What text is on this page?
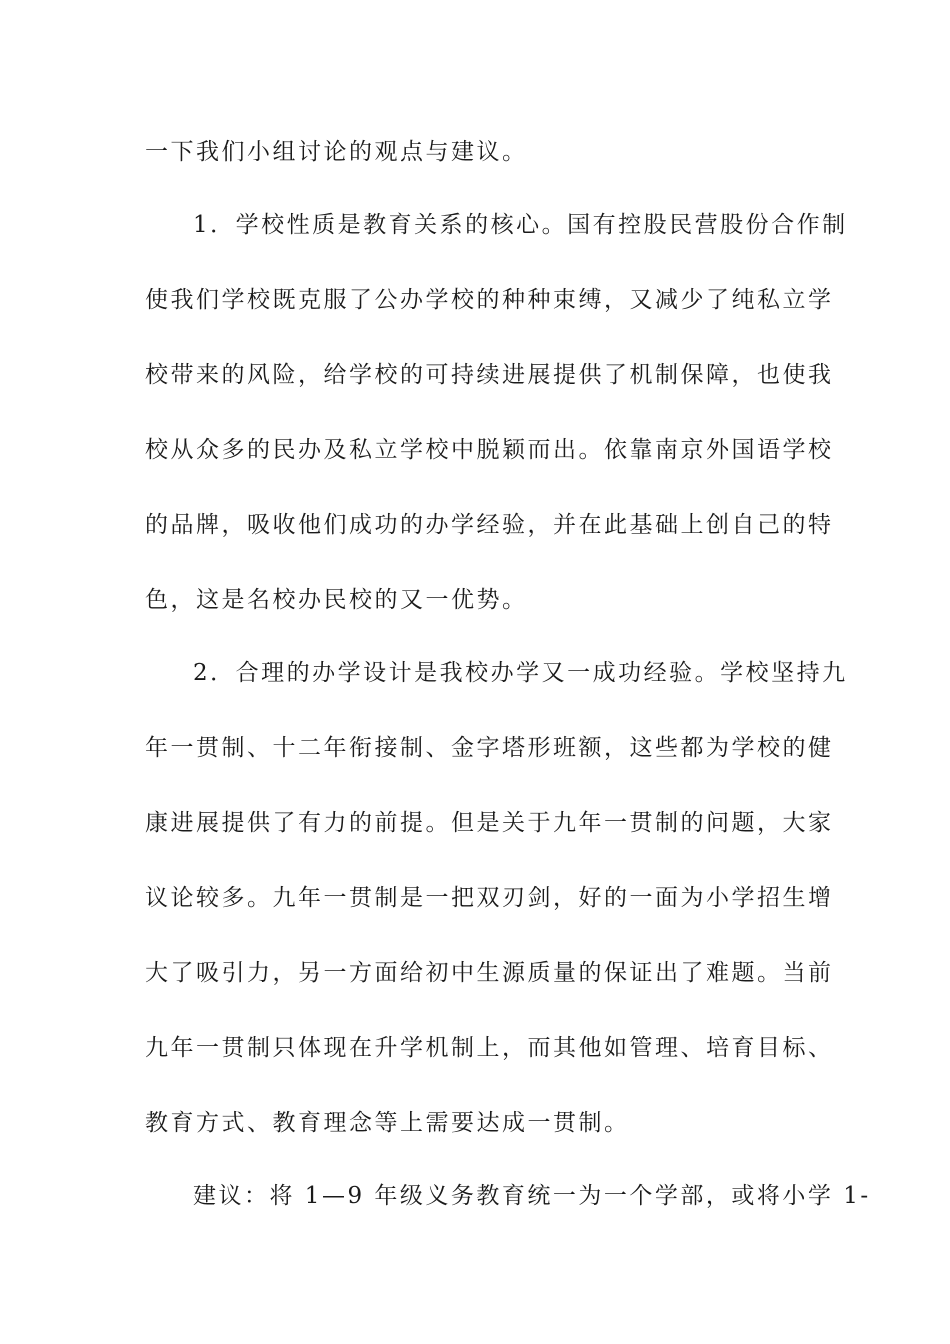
一下我们小组讨论的观点与建议。
1．学校性质是教育关系的核心。国有控股民营股份合作制
使我们学校既克服了公办学校的种种束缚，又减少了纯私立学
校带来的风险，给学校的可持续进展提供了机制保障，也使我
校从众多的民办及私立学校中脱颖而出。依靠南京外国语学校
的品牌，吸收他们成功的办学经验，并在此基础上创自己的特
色，这是名校办民校的又一优势。
2．合理的办学设计是我校办学又一成功经验。学校坚持九
年一贯制、十二年衔接制、金字塔形班额，这些都为学校的健
康进展提供了有力的前提。但是关于九年一贯制的问题，大家
议论较多。九年一贯制是一把双刃剑，好的一面为小学招生增
大了吸引力，另一方面给初中生源质量的保证出了难题。当前
九年一贯制只体现在升学机制上，而其他如管理、培育目标、
教育方式、教育理念等上需要达成一贯制。
建议：将 1—9 年级义务教育统一为一个学部，或将小学 1-
